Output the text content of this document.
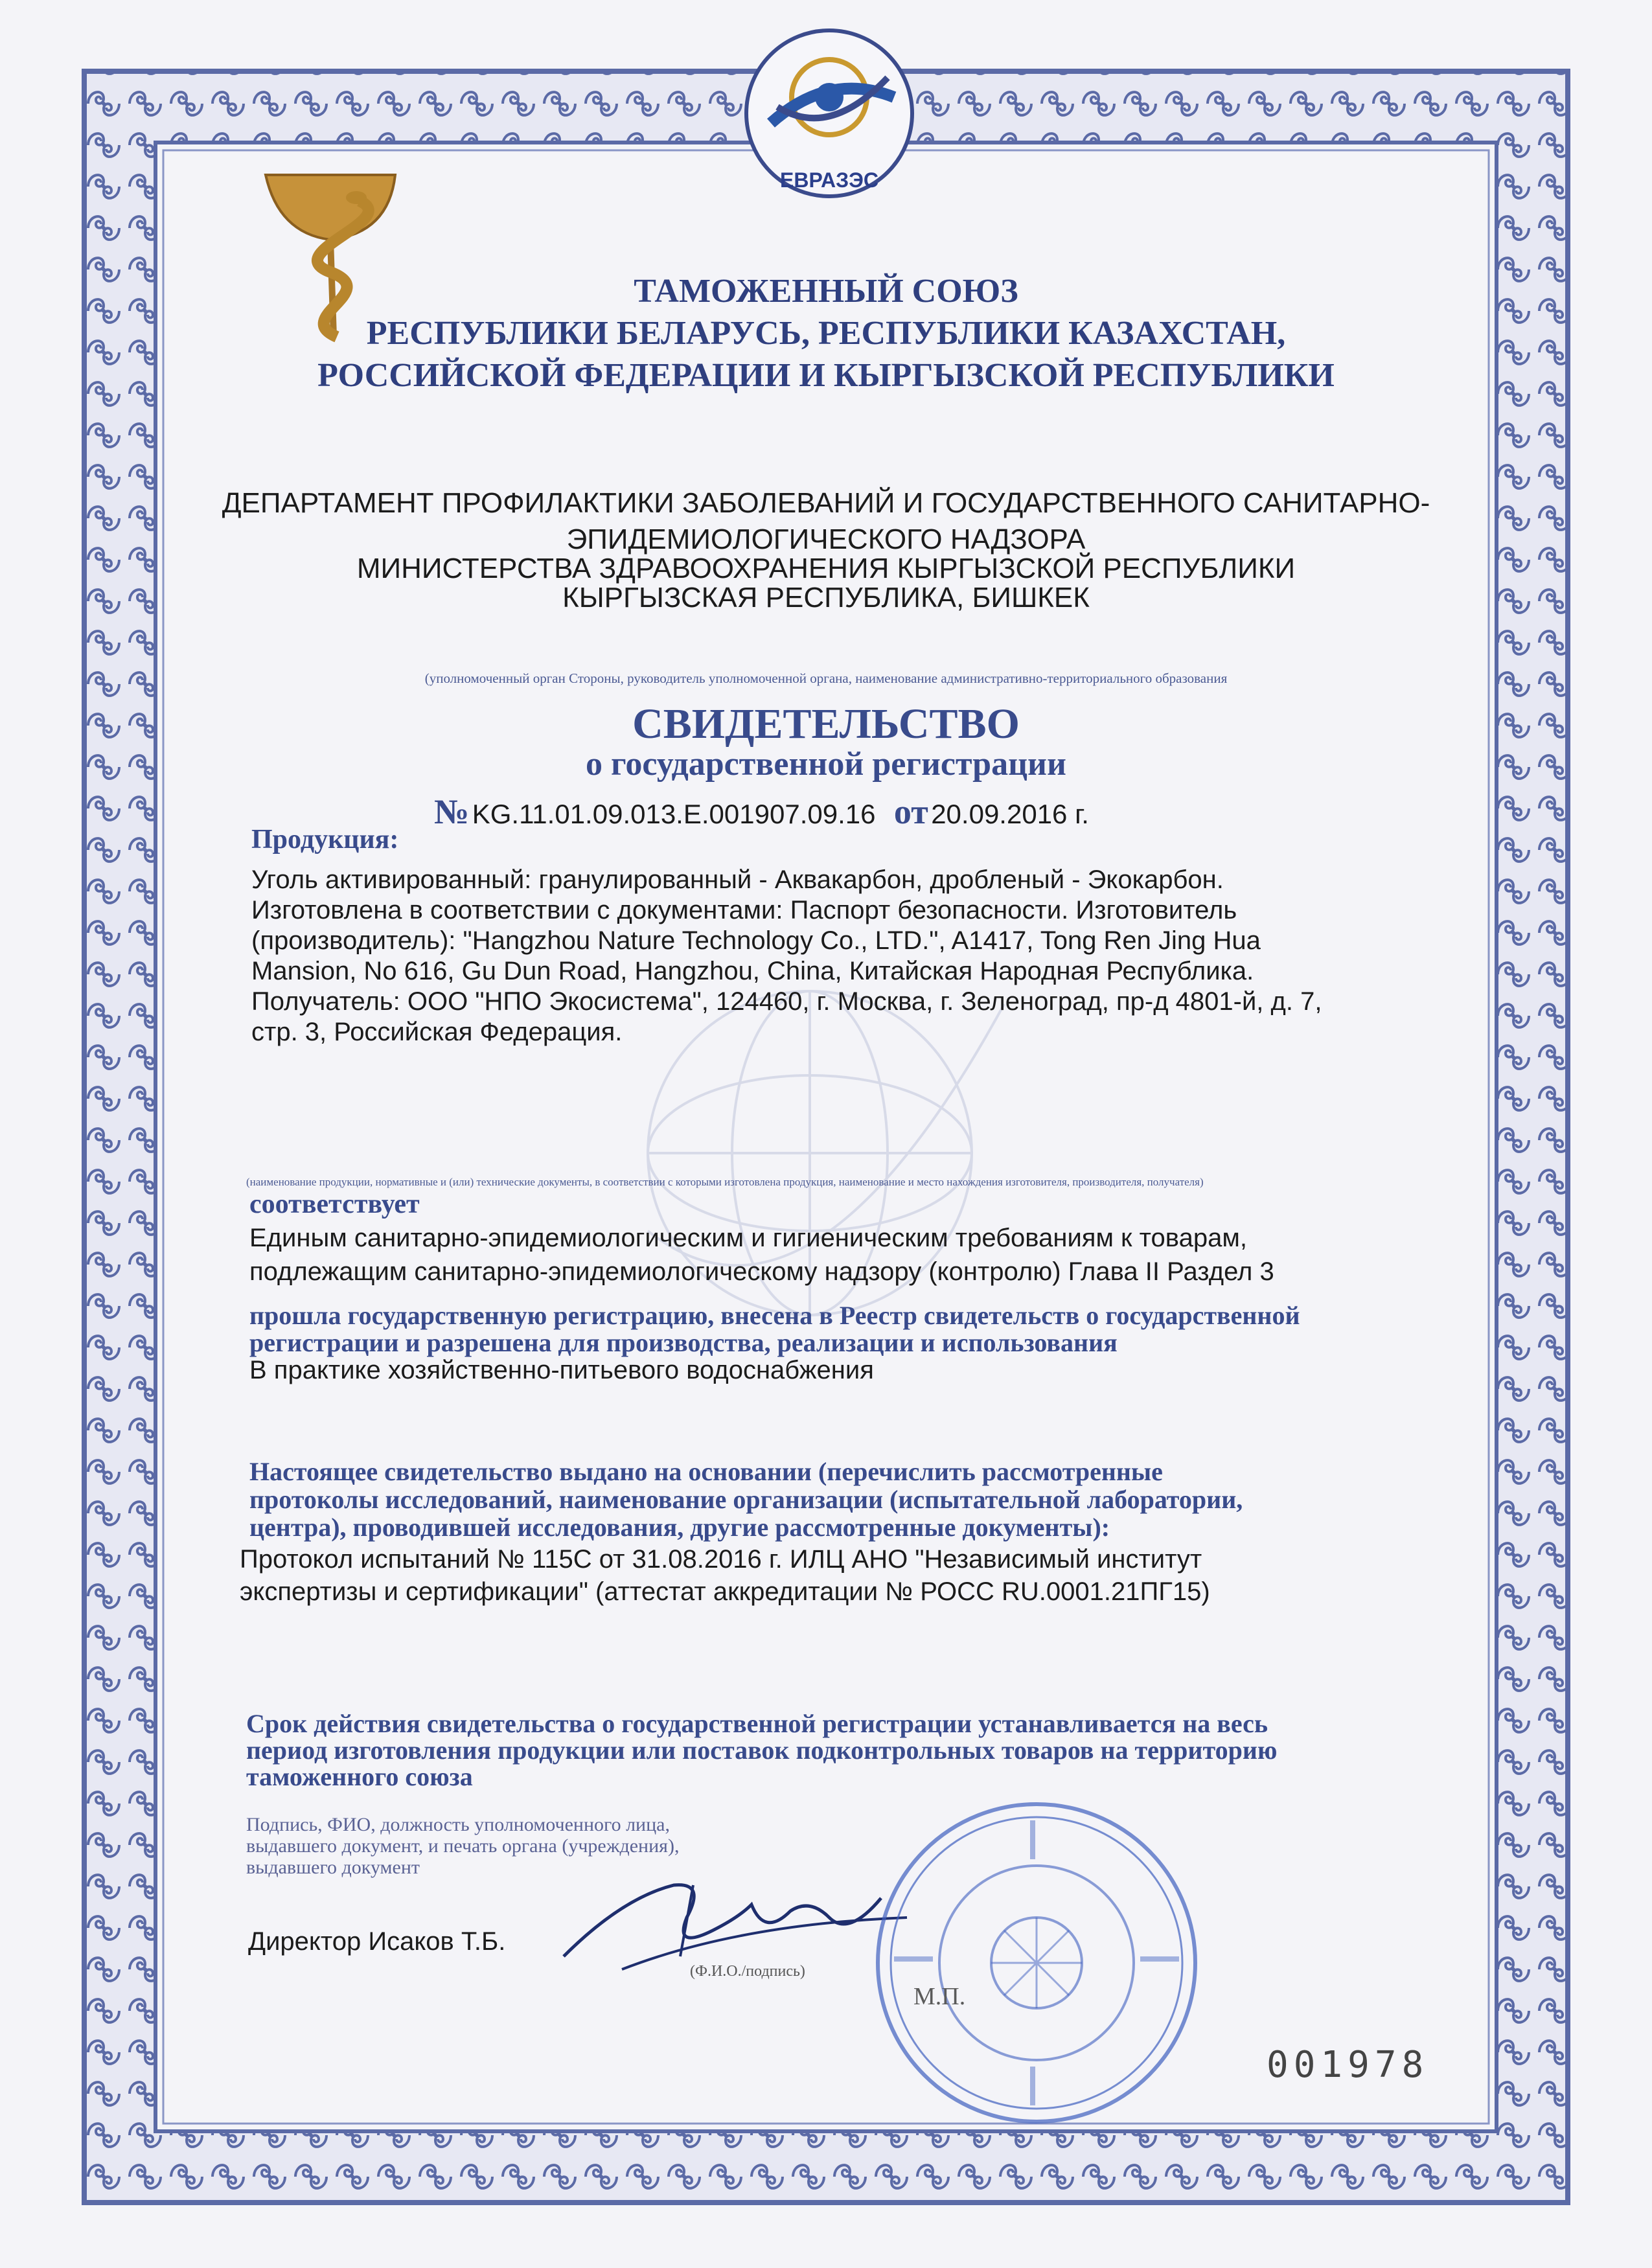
ЕВРАЗЭС
ТАМОЖЕННЫЙ СОЮЗ
РЕСПУБЛИКИ БЕЛАРУСЬ, РЕСПУБЛИКИ КАЗАХСТАН,
РОССИЙСКОЙ ФЕДЕРАЦИИ И КЫРГЫЗСКОЙ РЕСПУБЛИКИ
ДЕПАРТАМЕНТ ПРОФИЛАКТИКИ ЗАБОЛЕВАНИЙ И ГОСУДАРСТВЕННОГО САНИТАРНО-
ЭПИДЕМИОЛОГИЧЕСКОГО НАДЗОРА
МИНИСТЕРСТВА ЗДРАВООХРАНЕНИЯ КЫРГЫЗСКОЙ РЕСПУБЛИКИ
КЫРГЫЗСКАЯ РЕСПУБЛИКА, БИШКЕК
(уполномоченный орган Стороны, руководитель уполномоченной органа, наименование административно-территориального образования
СВИДЕТЕЛЬСТВО
о государственной регистрации
№ KG.11.01.09.013.E.001907.09.16 от 20.09.2016 г.
Продукция:
Уголь активированный: гранулированный - Аквакарбон, дробленый - Экокарбон.
Изготовлена в соответствии с документами: Паспорт безопасности. Изготовитель
(производитель): "Hangzhou Nature Technology Co., LTD.", A1417, Tong Ren Jing Hua
Mansion, No 616, Gu Dun Road, Hangzhou, China, Китайская Народная Республика.
Получатель: ООО "НПО Экосистема", 124460, г. Москва, г. Зеленоград, пр-д 4801-й, д. 7,
стр. 3, Российская Федерация.
(наименование продукции, нормативные и (или) технические документы, в соответствии с которыми изготовлена продукция, наименование и место нахождения изготовителя, производителя, получателя)
соответствует
Единым санитарно-эпидемиологическим и гигиеническим требованиям к товарам,
подлежащим санитарно-эпидемиологическому надзору (контролю) Глава II Раздел 3
прошла государственную регистрацию, внесена в Реестр свидетельств о государственной
регистрации и разрешена для производства, реализации и использования
В практике хозяйственно-питьевого водоснабжения
Настоящее свидетельство выдано на основании (перечислить рассмотренные
протоколы исследований, наименование организации (испытательной лаборатории,
центра), проводившей исследования, другие рассмотренные документы):
Протокол испытаний № 115С от 31.08.2016 г. ИЛЦ АНО "Независимый институт
экспертизы и сертификации" (аттестат аккредитации № РОСС RU.0001.21ПГ15)
Срок действия свидетельства о государственной регистрации устанавливается на весь
период изготовления продукции или поставок подконтрольных товаров на территорию
таможенного союза
Подпись, ФИО, должность уполномоченного лица,
выдавшего документ, и печать органа (учреждения),
выдавшего документ
Директор Исаков Т.Б.
(Ф.И.О./подпись)
М.П.
001978
